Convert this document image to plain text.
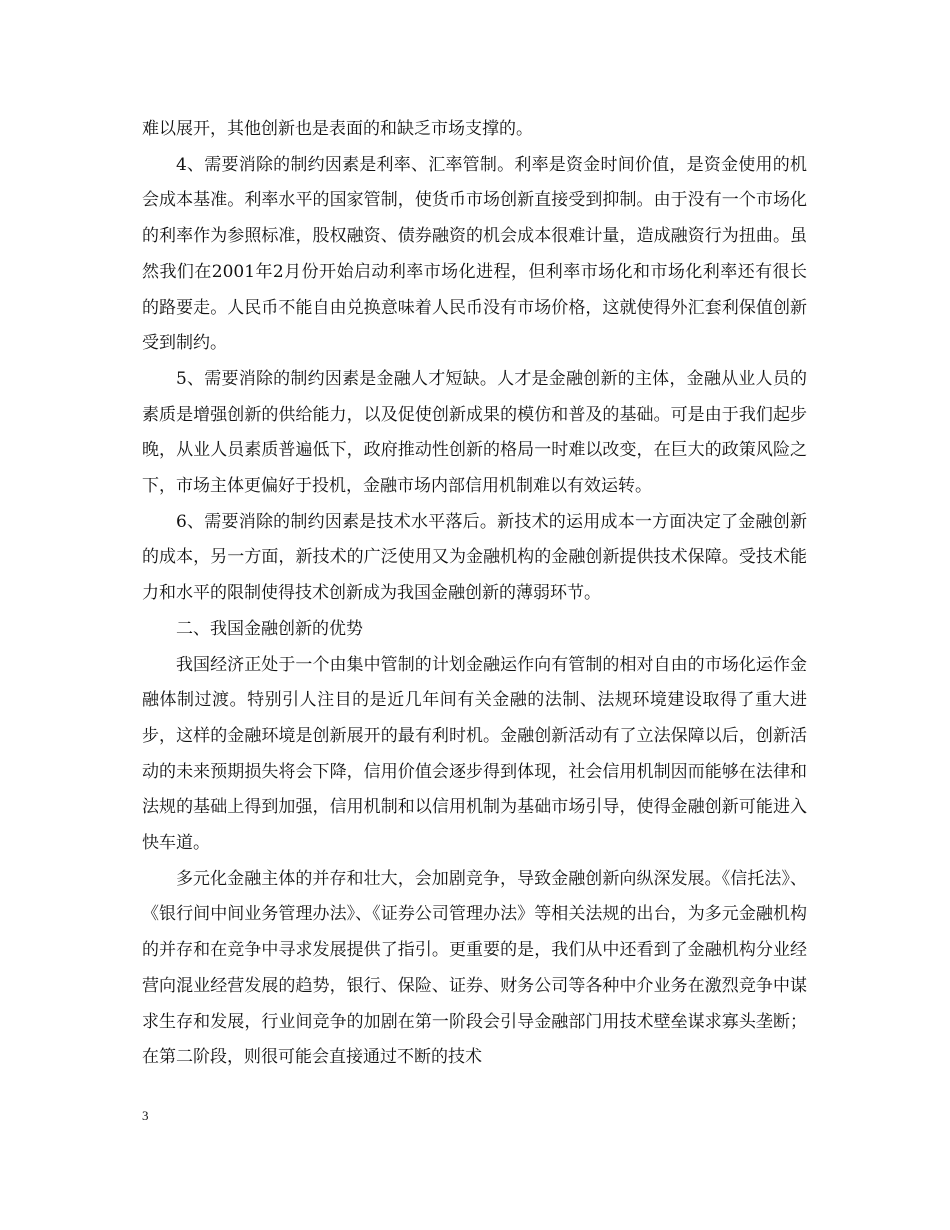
难以展开，其他创新也是表面的和缺乏市场支撑的。

4、需要消除的制约因素是利率、汇率管制。利率是资金时间价值，是资金使用的机会成本基准。利率水平的国家管制，使货币市场创新直接受到抑制。由于没有一个市场化的利率作为参照标准，股权融资、债券融资的机会成本很难计量，造成融资行为扭曲。虽然我们在2001年2月份开始启动利率市场化进程，但利率市场化和市场化利率还有很长的路要走。人民币不能自由兑换意味着人民币没有市场价格，这就使得外汇套利保值创新受到制约。

5、需要消除的制约因素是金融人才短缺。人才是金融创新的主体，金融从业人员的素质是增强创新的供给能力，以及促使创新成果的模仿和普及的基础。可是由于我们起步晚，从业人员素质普遍低下，政府推动性创新的格局一时难以改变，在巨大的政策风险之下，市场主体更偏好于投机，金融市场内部信用机制难以有效运转。

6、需要消除的制约因素是技术水平落后。新技术的运用成本一方面决定了金融创新的成本，另一方面，新技术的广泛使用又为金融机构的金融创新提供技术保障。受技术能力和水平的限制使得技术创新成为我国金融创新的薄弱环节。

二、我国金融创新的优势

我国经济正处于一个由集中管制的计划金融运作向有管制的相对自由的市场化运作金融体制过渡。特别引人注目的是近几年间有关金融的法制、法规环境建设取得了重大进步，这样的金融环境是创新展开的最有利时机。金融创新活动有了立法保障以后，创新活动的未来预期损失将会下降，信用价值会逐步得到体现，社会信用机制因而能够在法律和法规的基础上得到加强，信用机制和以信用机制为基础市场引导，使得金融创新可能进入快车道。

多元化金融主体的并存和壮大，会加剧竞争，导致金融创新向纵深发展。《信托法》、《银行间中间业务管理办法》、《证券公司管理办法》等相关法规的出台，为多元金融机构的并存和在竞争中寻求发展提供了指引。更重要的是，我们从中还看到了金融机构分业经营向混业经营发展的趋势，银行、保险、证券、财务公司等各种中介业务在激烈竞争中谋求生存和发展，行业间竞争的加剧在第一阶段会引导金融部门用技术壁垒谋求寡头垄断；在第二阶段，则很可能会直接通过不断的技术

3
